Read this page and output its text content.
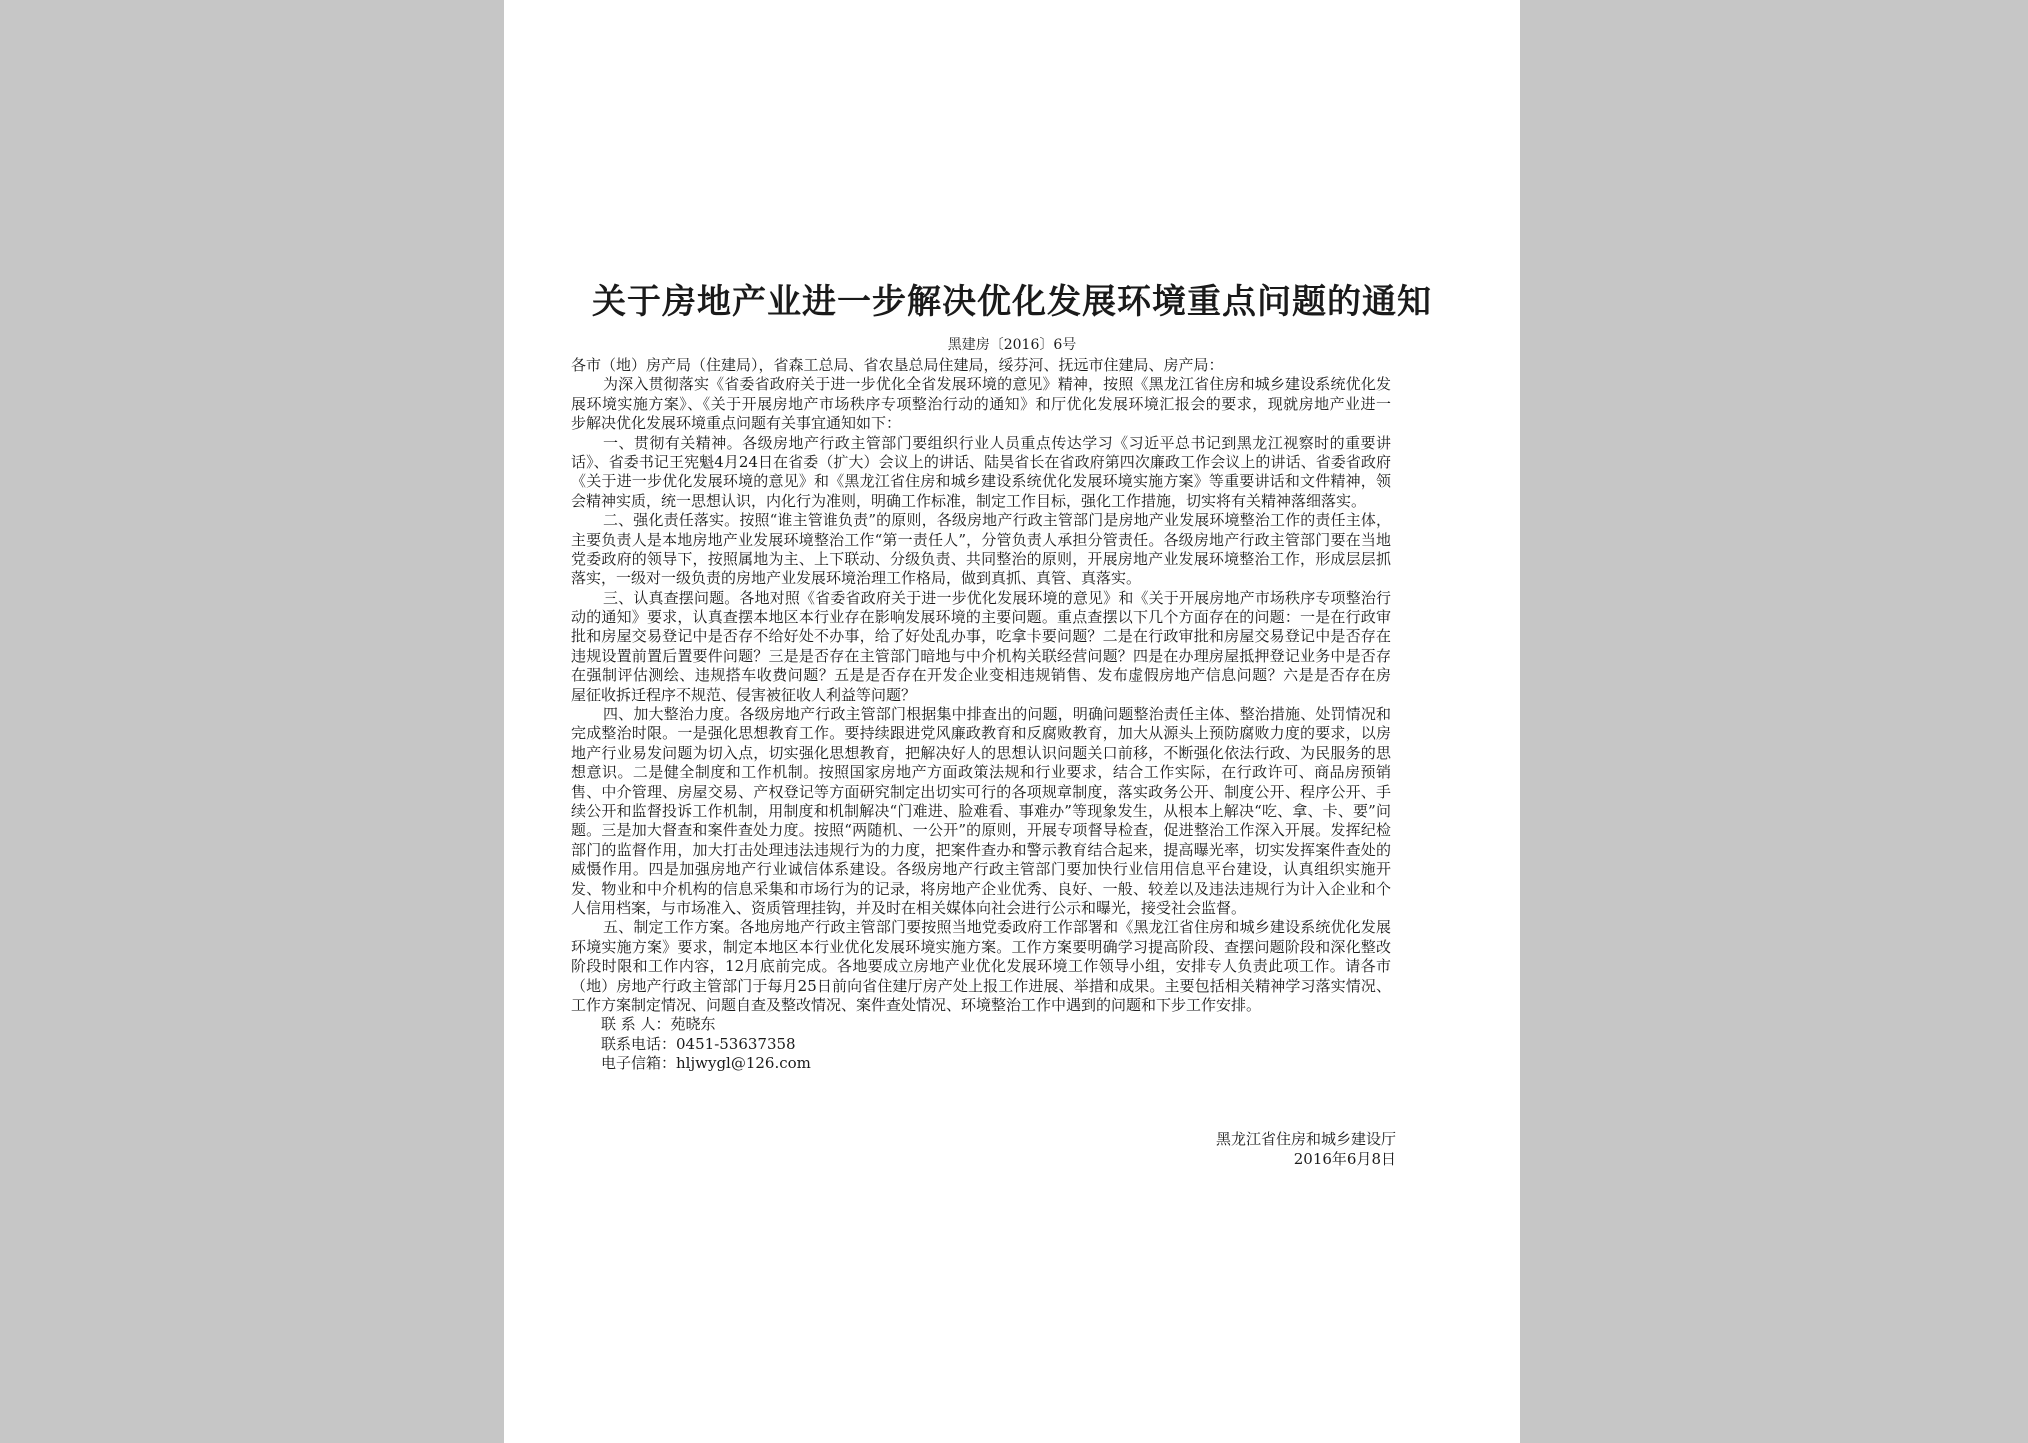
关于房地产业进一步解决优化发展环境重点问题的通知
黑建房〔2016〕6号
各市（地）房产局（住建局），省森工总局、省农垦总局住建局，绥芬河、抚远市住建局、房产局：
为深入贯彻落实《省委省政府关于进一步优化全省发展环境的意见》精神，按照《黑龙江省住房和城乡建设系统优化发
展环境实施方案》、《关于开展房地产市场秩序专项整治行动的通知》和厅优化发展环境汇报会的要求，现就房地产业进一
步解决优化发展环境重点问题有关事宜通知如下：
一、贯彻有关精神。各级房地产行政主管部门要组织行业人员重点传达学习《习近平总书记到黑龙江视察时的重要讲
话》、省委书记王宪魁4月24日在省委（扩大）会议上的讲话、陆昊省长在省政府第四次廉政工作会议上的讲话、省委省政府
《关于进一步优化发展环境的意见》和《黑龙江省住房和城乡建设系统优化发展环境实施方案》等重要讲话和文件精神，领
会精神实质，统一思想认识，内化行为准则，明确工作标准，制定工作目标，强化工作措施，切实将有关精神落细落实。
二、强化责任落实。按照“谁主管谁负责”的原则，各级房地产行政主管部门是房地产业发展环境整治工作的责任主体，
主要负责人是本地房地产业发展环境整治工作“第一责任人”，分管负责人承担分管责任。各级房地产行政主管部门要在当地
党委政府的领导下，按照属地为主、上下联动、分级负责、共同整治的原则，开展房地产业发展环境整治工作，形成层层抓
落实，一级对一级负责的房地产业发展环境治理工作格局，做到真抓、真管、真落实。
三、认真查摆问题。各地对照《省委省政府关于进一步优化发展环境的意见》和《关于开展房地产市场秩序专项整治行
动的通知》要求，认真查摆本地区本行业存在影响发展环境的主要问题。重点查摆以下几个方面存在的问题：一是在行政审
批和房屋交易登记中是否存不给好处不办事，给了好处乱办事，吃拿卡要问题？二是在行政审批和房屋交易登记中是否存在
违规设置前置后置要件问题？三是是否存在主管部门暗地与中介机构关联经营问题？四是在办理房屋抵押登记业务中是否存
在强制评估测绘、违规搭车收费问题？五是是否存在开发企业变相违规销售、发布虚假房地产信息问题？六是是否存在房
屋征收拆迁程序不规范、侵害被征收人利益等问题？
四、加大整治力度。各级房地产行政主管部门根据集中排查出的问题，明确问题整治责任主体、整治措施、处罚情况和
完成整治时限。一是强化思想教育工作。要持续跟进党风廉政教育和反腐败教育，加大从源头上预防腐败力度的要求，以房
地产行业易发问题为切入点，切实强化思想教育，把解决好人的思想认识问题关口前移，不断强化依法行政、为民服务的思
想意识。二是健全制度和工作机制。按照国家房地产方面政策法规和行业要求，结合工作实际，在行政许可、商品房预销
售、中介管理、房屋交易、产权登记等方面研究制定出切实可行的各项规章制度，落实政务公开、制度公开、程序公开、手
续公开和监督投诉工作机制，用制度和机制解决“门难进、脸难看、事难办”等现象发生，从根本上解决“吃、拿、卡、要”问
题。三是加大督查和案件查处力度。按照“两随机、一公开”的原则，开展专项督导检查，促进整治工作深入开展。发挥纪检
部门的监督作用，加大打击处理违法违规行为的力度，把案件查办和警示教育结合起来，提高曝光率，切实发挥案件查处的
威慑作用。四是加强房地产行业诚信体系建设。各级房地产行政主管部门要加快行业信用信息平台建设，认真组织实施开
发、物业和中介机构的信息采集和市场行为的记录，将房地产企业优秀、良好、一般、较差以及违法违规行为计入企业和个
人信用档案，与市场准入、资质管理挂钩，并及时在相关媒体向社会进行公示和曝光，接受社会监督。
五、制定工作方案。各地房地产行政主管部门要按照当地党委政府工作部署和《黑龙江省住房和城乡建设系统优化发展
环境实施方案》要求，制定本地区本行业优化发展环境实施方案。工作方案要明确学习提高阶段、查摆问题阶段和深化整改
阶段时限和工作内容，12月底前完成。各地要成立房地产业优化发展环境工作领导小组，安排专人负责此项工作。请各市
（地）房地产行政主管部门于每月25日前向省住建厅房产处上报工作进展、举措和成果。主要包括相关精神学习落实情况、
工作方案制定情况、问题自查及整改情况、案件查处情况、环境整治工作中遇到的问题和下步工作安排。
联 系 人：苑晓东
联系电话：0451-53637358
电子信箱：hljwygl@126.com
黑龙江省住房和城乡建设厅
2016年6月8日
